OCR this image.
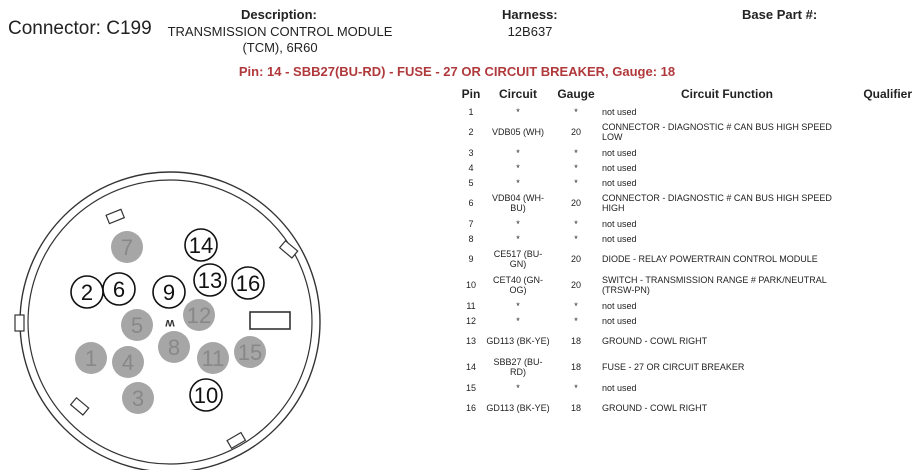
Connector: C199
Description:
TRANSMISSION CONTROL MODULE
(TCM), 6R60
Harness:
12B637
Base Part #:
Pin: 14 - SBB27(BU-RD) - FUSE - 27 OR CIRCUIT BREAKER, Gauge: 18
7	14
13 16
2 6 9
12
5
8
1 4	11 15
3 10
w
Pin	Circuit	Gauge	Circuit Function	Qualifier
1	*	*	not used	
2	VDB05 (WH)	20	CONNECTOR - DIAGNOSTIC # CAN BUS HIGH SPEED LOW	
3	*	*	not used	
4	*	*	not used	
5	*	*	not used	
6	VDB04 (WH-BU)	20	CONNECTOR - DIAGNOSTIC # CAN BUS HIGH SPEED HIGH	
7	*	*	not used	
8	*	*	not used	
9	CE517 (BU-GN)	20	DIODE - RELAY POWERTRAIN CONTROL MODULE	
10	CET40 (GN-OG)	20	SWITCH - TRANSMISSION RANGE # PARK/NEUTRAL (TRSW-PN)	
11	*	*	not used	
12	*	*	not used	
13	GD113 (BK-YE)	18	GROUND - COWL RIGHT	
14	SBB27 (BU-RD)	18	FUSE - 27 OR CIRCUIT BREAKER	
15	*	*	not used	
16	GD113 (BK-YE)	18	GROUND - COWL RIGHT	
